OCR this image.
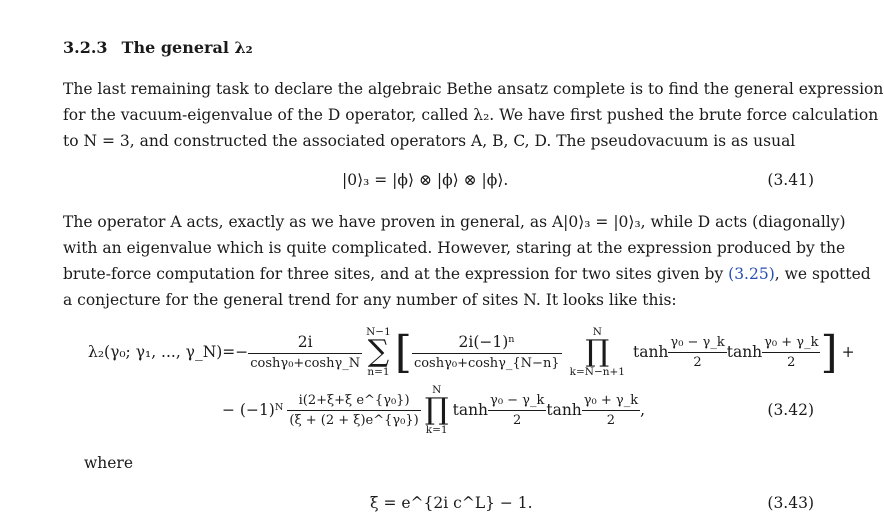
3.2.3 The general λ₂
The last remaining task to declare the algebraic Bethe ansatz complete is to find the general expression
for the vacuum-eigenvalue of the D operator, called λ₂. We have first pushed the brute force calculation
to N = 3, and constructed the associated operators A, B, C, D. The pseudovacuum is as usual
|0⟩₃ = |ϕ⟩ ⊗ |ϕ⟩ ⊗ |ϕ⟩.	(3.41)
The operator A acts, exactly as we have proven in general, as A|0⟩₃ = |0⟩₃, while D acts (diagonally)
with an eigenvalue which is quite complicated. However, staring at the expression produced by the
brute-force computation for three sites, and at the expression for two sites given by (3.25), we spotted
a conjecture for the general trend for any number of sites N. It looks like this:
λ₂(γ₀; γ₁, ..., γ_N)=− $\frac{2i}{\text{coshγ₀+coshγ\_N}}$
N−1
∑
n=1 [ $\frac{\text{2i(−1)ⁿ}}{\text{coshγ₀+coshγ\_\{N−n\}}}$
N
∏
k=N−n+1
$\tanh \frac{\text{γ₀ − γ\_k}}{2}$ $\tanh \frac{\text{γ₀ + γ\_k}}{2}$ ] +
− (−1)ᴺ $\frac{\text{i(2+ξ+ξ e\textasciicircum{}\{γ₀\})}}{\text{(ξ + (2 + ξ)e\textasciicircum{}\{γ₀\})}}$
N
∏
k=1
$\tanh \frac{\text{γ₀ − γ\_k}}{2}$ $\tanh \frac{\text{γ₀ + γ\_k}}{2}$ ,	(3.42)
where
ξ = e^{2i c^L} − 1.	(3.43)
